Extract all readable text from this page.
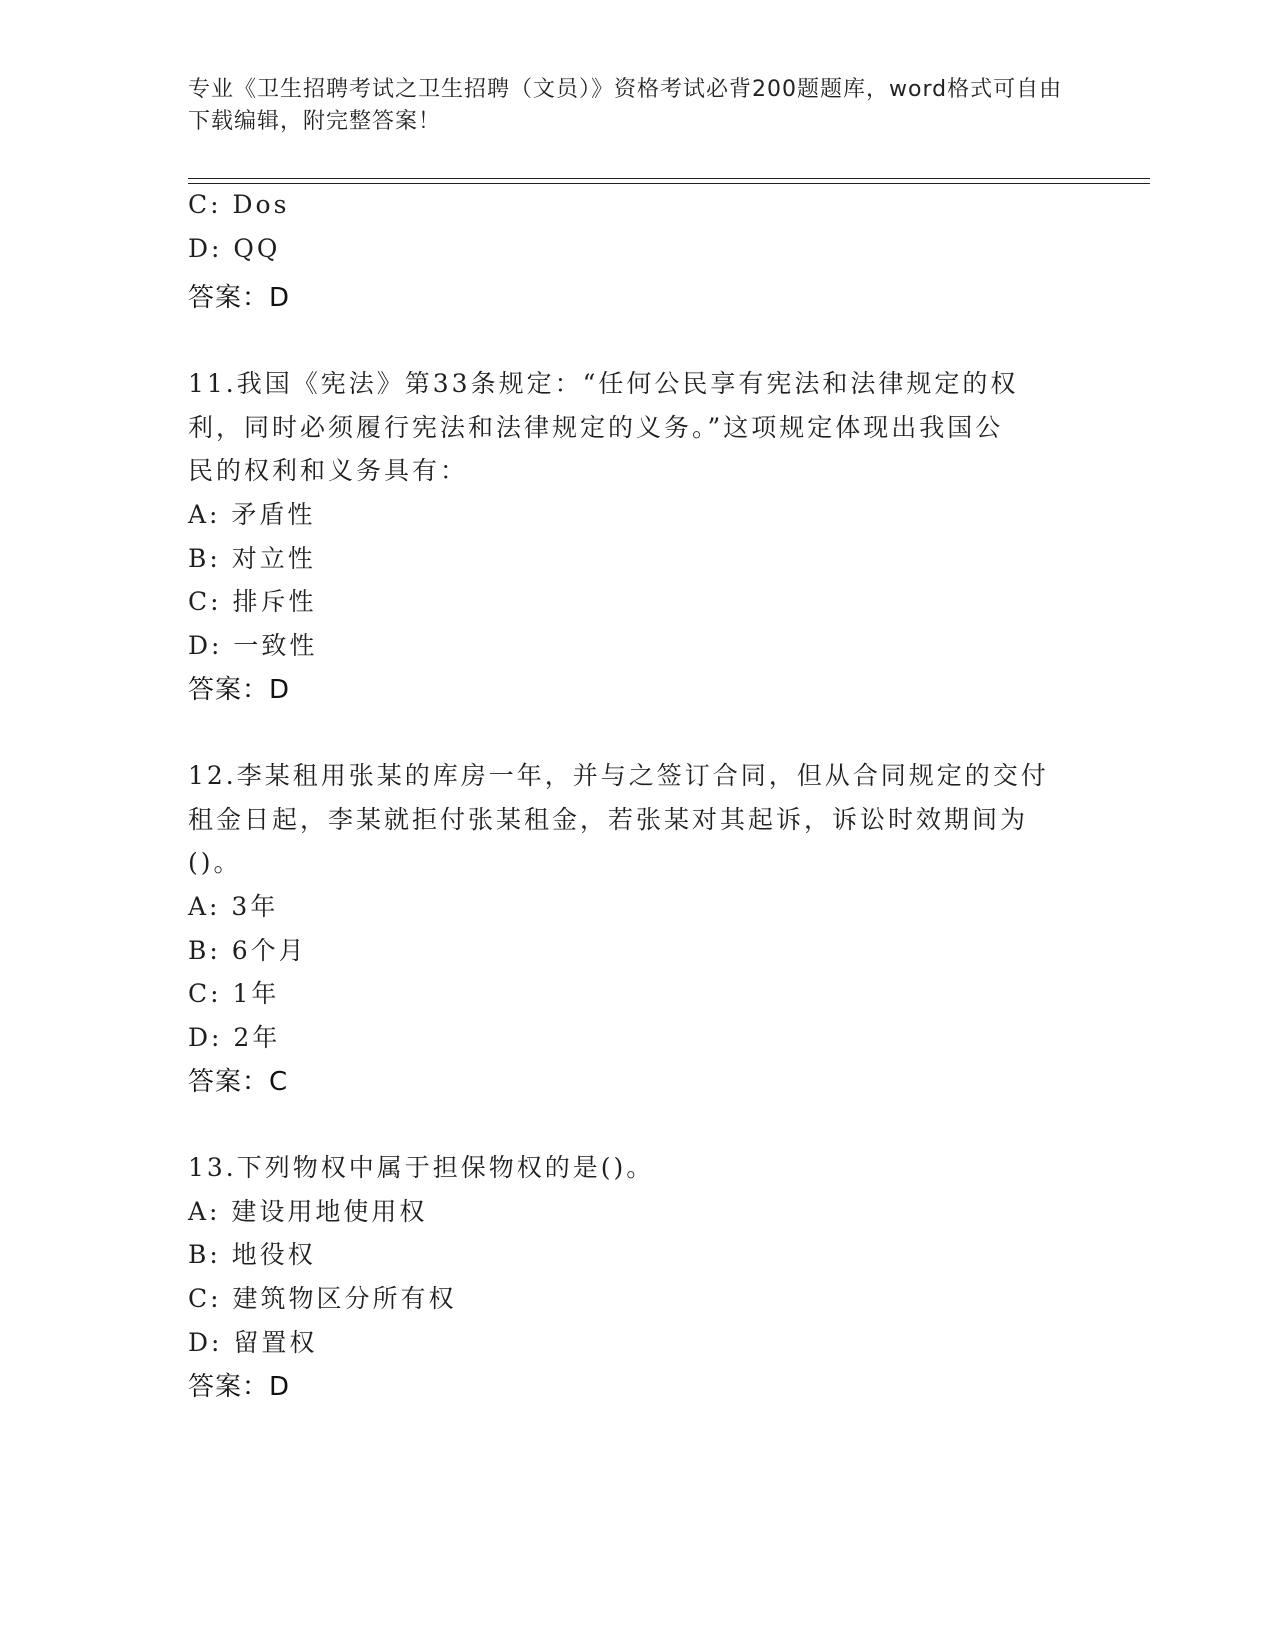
专业《卫生招聘考试之卫生招聘（文员）》资格考试必背200题题库，word格式可自由下载编辑，附完整答案！
C: Dos
D: QQ
答案：D
11.我国《宪法》第33条规定：“任何公民享有宪法和法律规定的权
利，同时必须履行宪法和法律规定的义务。”这项规定体现出我国公
民的权利和义务具有：
A: 矛盾性
B: 对立性
C: 排斥性
D: 一致性
答案：D
12.李某租用张某的库房一年，并与之签订合同，但从合同规定的交付
租金日起，李某就拒付张某租金，若张某对其起诉，诉讼时效期间为
()。
A: 3年
B: 6个月
C: 1年
D: 2年
答案：C
13.下列物权中属于担保物权的是()。
A: 建设用地使用权
B: 地役权
C: 建筑物区分所有权
D: 留置权
答案：D
